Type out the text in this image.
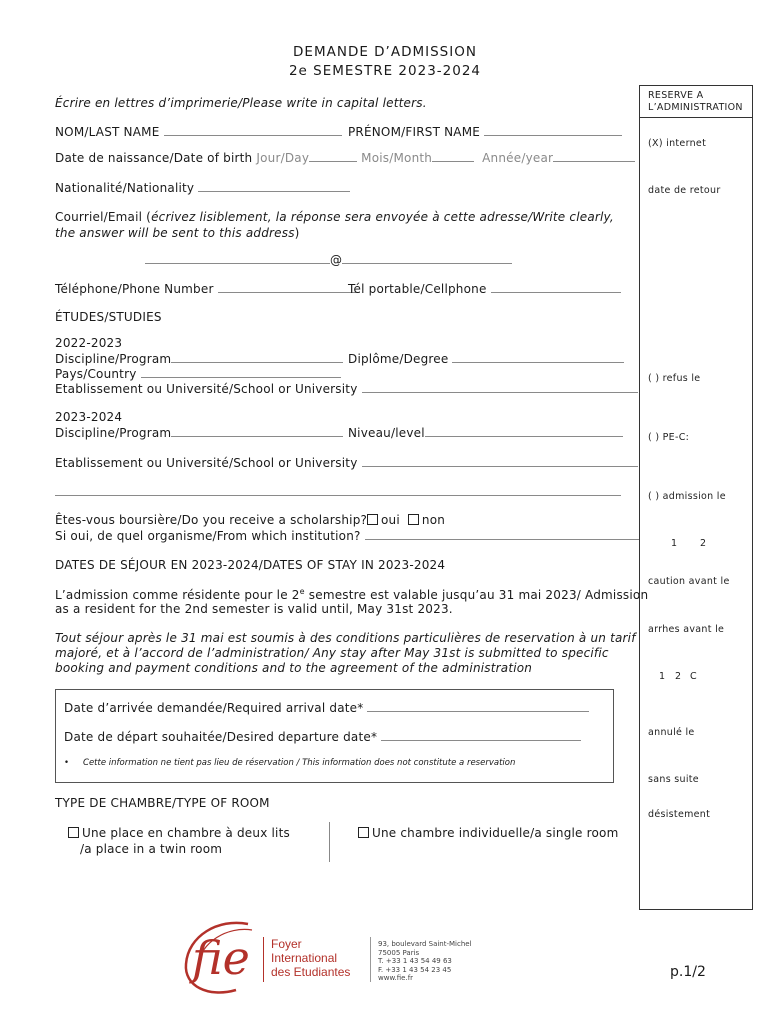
DEMANDE D’ADMISSION
2e SEMESTRE 2023-2024
Écrire en lettres d’imprimerie/Please write in capital letters.
NOM/LAST NAME	PRÉNOM/FIRST NAME
Date de naissance/Date of birth Jour/Day	Mois/Month	Année/year
Nationalité/Nationality
Courriel/Email (écrivez lisiblement, la réponse sera envoyée à cette adresse/Write clearly, the answer will be sent to this address)
@
Téléphone/Phone Number	Tél portable/Cellphone
ÉTUDES/STUDIES
2022-2023
Discipline/Program	Diplôme/Degree
Pays/Country
Etablissement ou Université/School or University
2023-2024
Discipline/Program	Niveau/level
Etablissement ou Université/School or University
Êtes-vous boursière/Do you receive a scholarship?	oui non
Si oui, de quel organisme/From which institution?
DATES DE SÉJOUR EN 2023-2024/DATES OF STAY IN 2023-2024
L’admission comme résidente pour le 2e semestre est valable jusqu’au 31 mai 2023/ Admission
as a resident for the 2nd semester is valid until, May 31st 2023.
Tout séjour après le 31 mai est soumis à des conditions particulières de reservation à un tarif
majoré, et à l’accord de l’administration/ Any stay after May 31st is submitted to specific
booking and payment conditions and to the agreement of the administration
Date d’arrivée demandée/Required arrival date*
Date de départ souhaitée/Desired departure date*
• Cette information ne tient pas lieu de réservation / This information does not constitute a reservation
TYPE DE CHAMBRE/TYPE OF ROOM
Une place en chambre à deux lits
/a place in a twin room
Une chambre individuelle/a single room
RESERVE A
L’ADMINISTRATION
(X) internet
date de retour
( ) refus le
( ) PE-C:
( ) admission le
1 2
caution avant le
arrhes avant le
1 2 C
annulé le
sans suite
désistement
fie Foyer
International
des Etudiantes
93, boulevard Saint-Michel
75005 Paris
T. +33 1 43 54 49 63
F. +33 1 43 54 23 45
www.fie.fr	p.1/2
